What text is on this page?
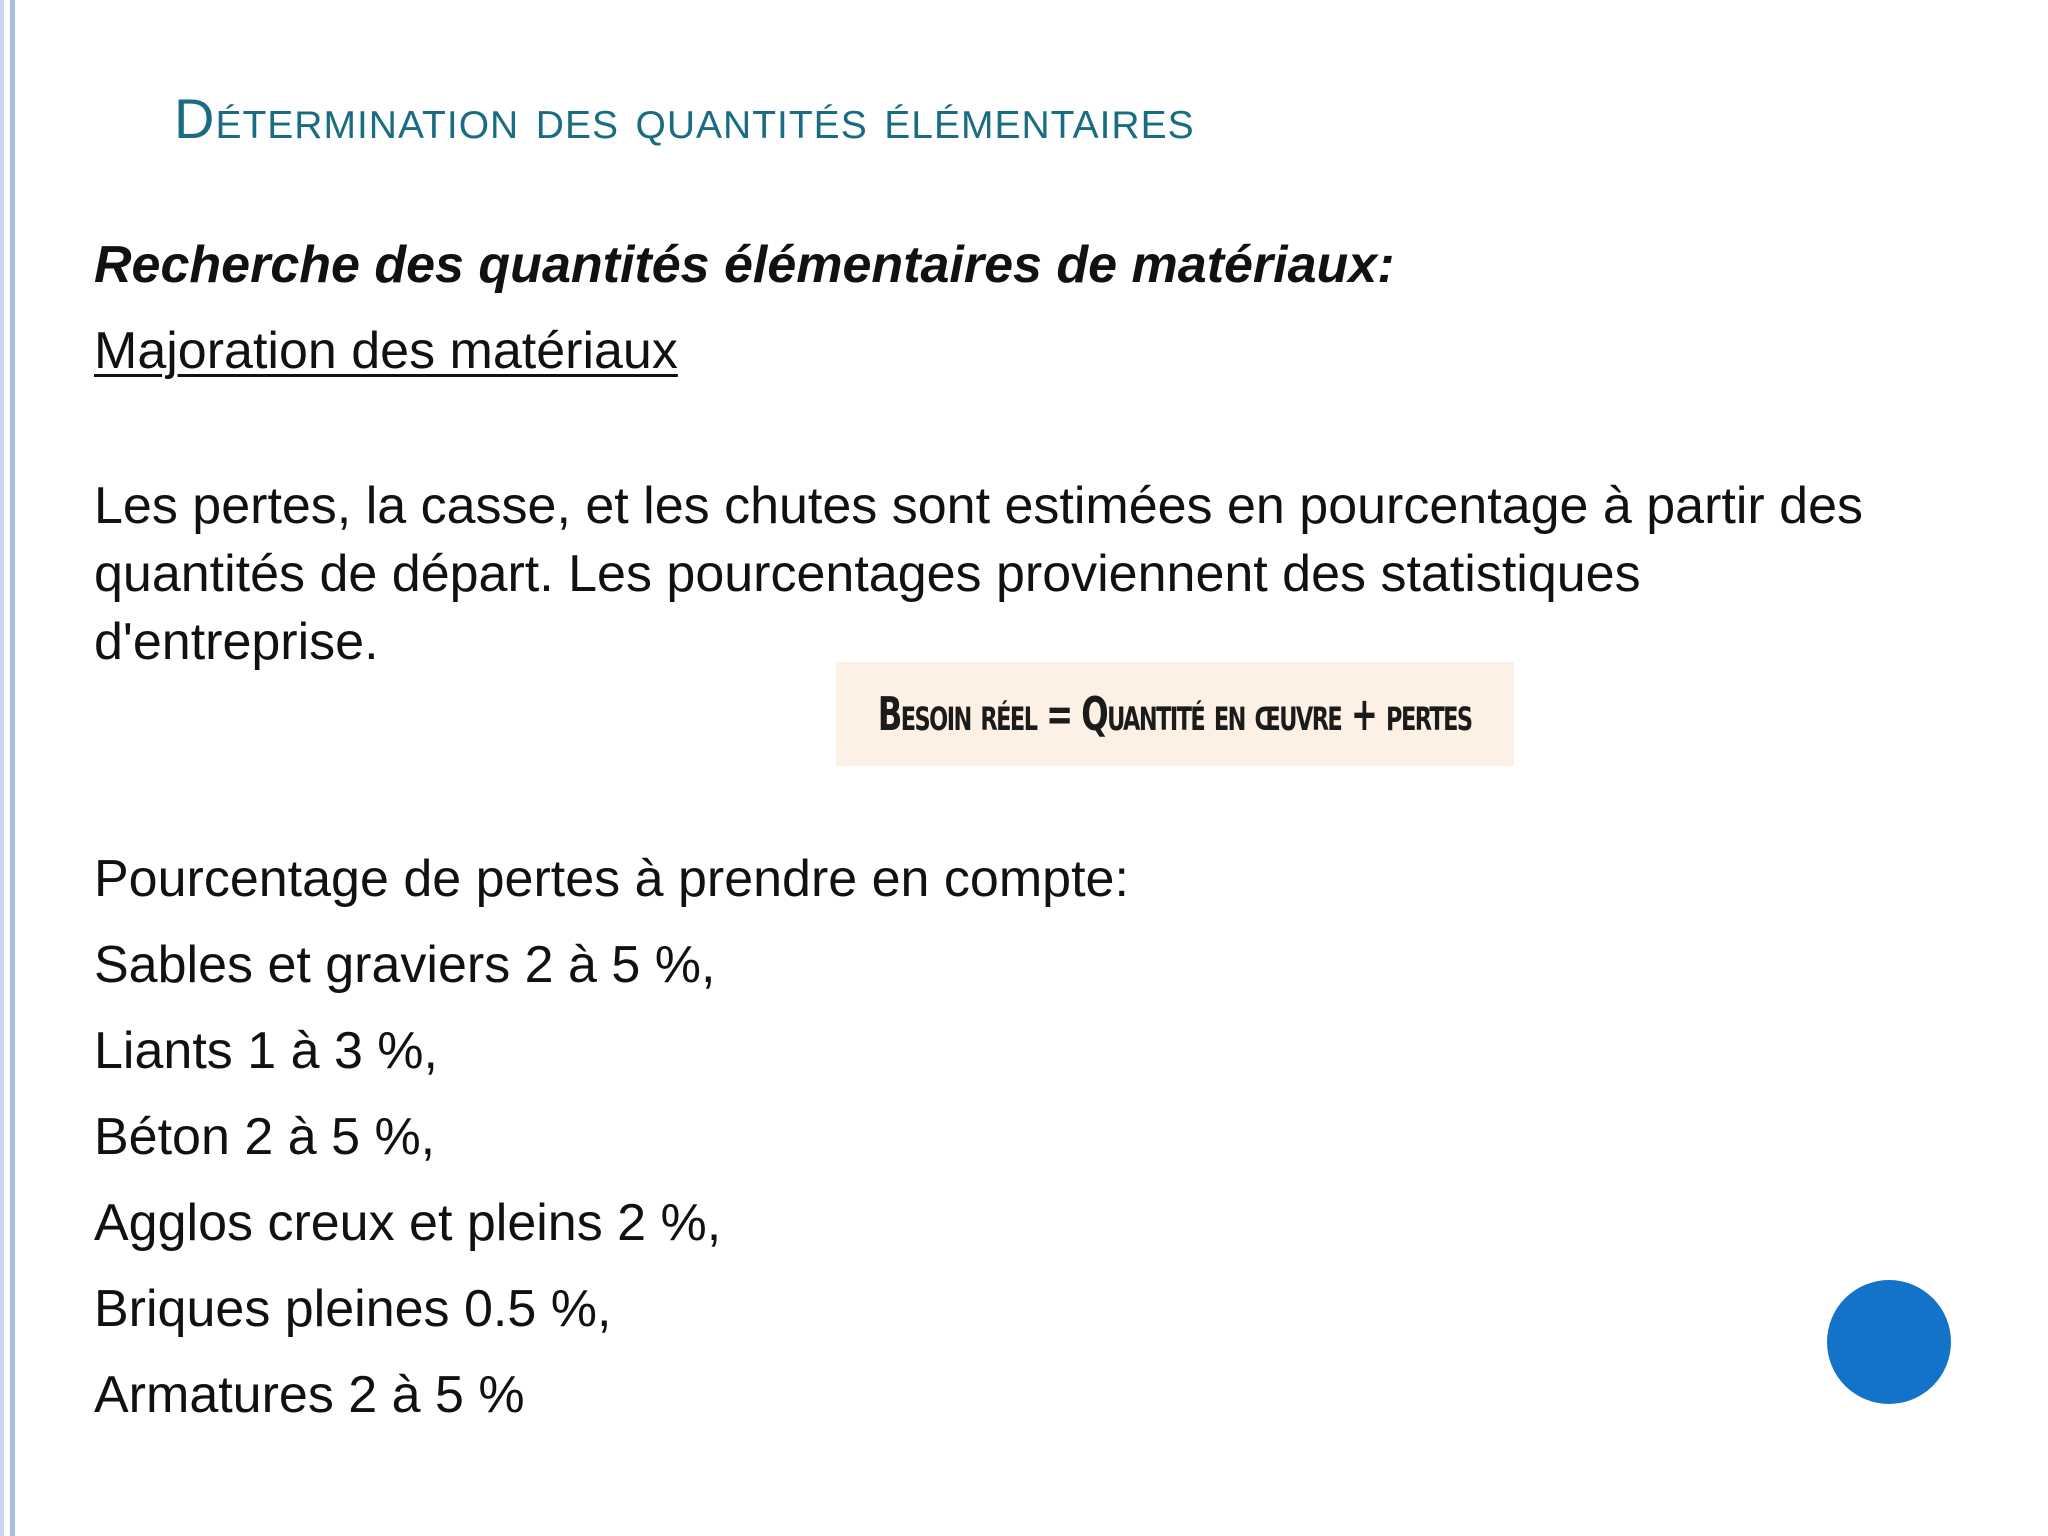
Détermination des quantités élémentaires

Recherche des quantités élémentaires de matériaux:

Majoration des matériaux

Les pertes, la casse, et les chutes sont estimées en pourcentage à partir des quantités de départ. Les pourcentages proviennent des statistiques d'entreprise.

Pourcentage de pertes à prendre en compte:

Sables et graviers 2 à 5 %,

Liants 1 à 3 %,

Béton 2 à 5 %,

Agglos creux et pleins 2 %,

Briques pleines 0.5 %,

Armatures 2 à 5 %

Besoin réel = Quantité en œuvre + pertes
